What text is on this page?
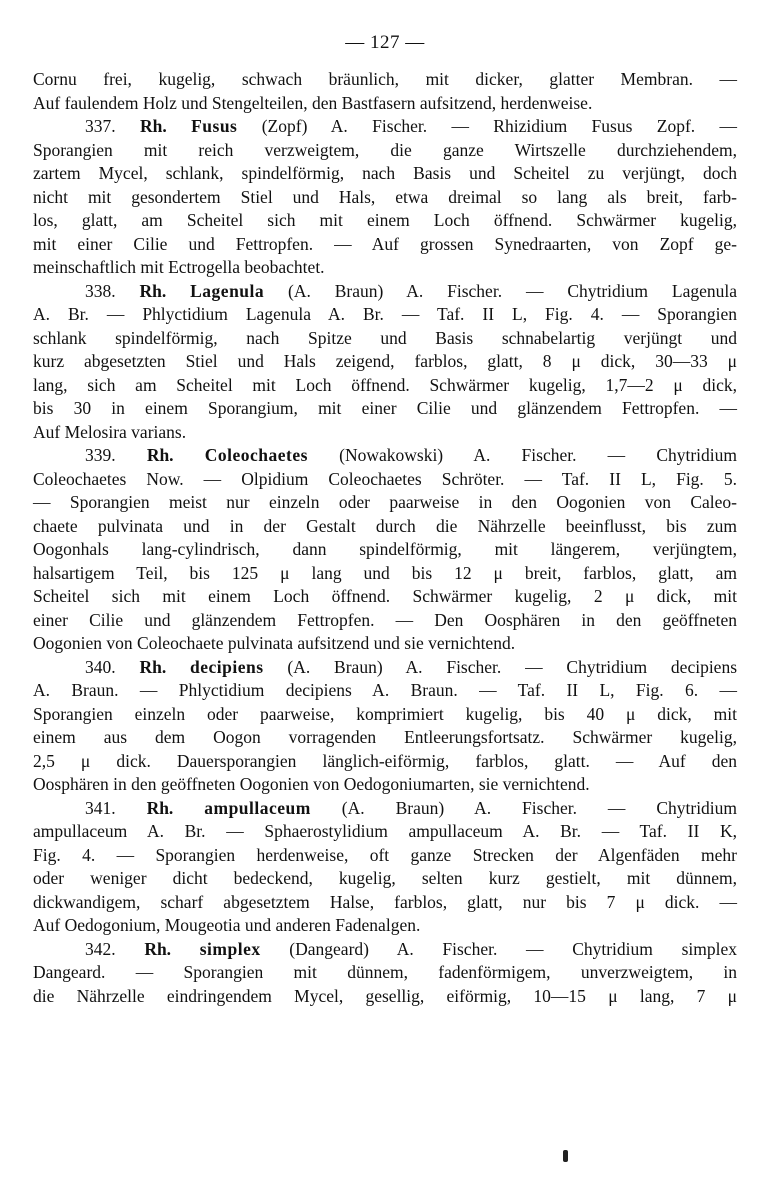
— 127 —
Cornu frei, kugelig, schwach bräunlich, mit dicker, glatter Membran. —
Auf faulendem Holz und Stengelteilen, den Bastfasern aufsitzend, herdenweise.
337. Rh. Fusus (Zopf) A. Fischer. — Rhizidium Fusus Zopf. —
Sporangien mit reich verzweigtem, die ganze Wirtszelle durchziehendem,
zartem Mycel, schlank, spindelförmig, nach Basis und Scheitel zu verjüngt, doch
nicht mit gesondertem Stiel und Hals, etwa dreimal so lang als breit, farb-
los, glatt, am Scheitel sich mit einem Loch öffnend. Schwärmer kugelig,
mit einer Cilie und Fettropfen. — Auf grossen Synedraarten, von Zopf ge-
meinschaftlich mit Ectrogella beobachtet.
338. Rh. Lagenula (A. Braun) A. Fischer. — Chytridium Lagenula
A. Br. — Phlyctidium Lagenula A. Br. — Taf. II L, Fig. 4. — Sporangien
schlank spindelförmig, nach Spitze und Basis schnabelartig verjüngt und
kurz abgesetzten Stiel und Hals zeigend, farblos, glatt, 8 μ dick, 30—33 μ
lang, sich am Scheitel mit Loch öffnend. Schwärmer kugelig, 1,7—2 μ dick,
bis 30 in einem Sporangium, mit einer Cilie und glänzendem Fettropfen. —
Auf Melosira varians.
339. Rh. Coleochaetes (Nowakowski) A. Fischer. — Chytridium
Coleochaetes Now. — Olpidium Coleochaetes Schröter. — Taf. II L, Fig. 5.
— Sporangien meist nur einzeln oder paarweise in den Oogonien von Caleo-
chaete pulvinata und in der Gestalt durch die Nährzelle beeinflusst, bis zum
Oogonhals lang-cylindrisch, dann spindelförmig, mit längerem, verjüngtem,
halsartigem Teil, bis 125 μ lang und bis 12 μ breit, farblos, glatt, am
Scheitel sich mit einem Loch öffnend. Schwärmer kugelig, 2 μ dick, mit
einer Cilie und glänzendem Fettropfen. — Den Oosphären in den geöffneten
Oogonien von Coleochaete pulvinata aufsitzend und sie vernichtend.
340. Rh. decipiens (A. Braun) A. Fischer. — Chytridium decipiens
A. Braun. — Phlyctidium decipiens A. Braun. — Taf. II L, Fig. 6. —
Sporangien einzeln oder paarweise, komprimiert kugelig, bis 40 μ dick, mit
einem aus dem Oogon vorragenden Entleerungsfortsatz. Schwärmer kugelig,
2,5 μ dick. Dauersporangien länglich-eiförmig, farblos, glatt. — Auf den
Oosphären in den geöffneten Oogonien von Oedogoniumarten, sie vernichtend.
341. Rh. ampullaceum (A. Braun) A. Fischer. — Chytridium
ampullaceum A. Br. — Sphaerostylidium ampullaceum A. Br. — Taf. II K,
Fig. 4. — Sporangien herdenweise, oft ganze Strecken der Algenfäden mehr
oder weniger dicht bedeckend, kugelig, selten kurz gestielt, mit dünnem,
dickwandigem, scharf abgesetztem Halse, farblos, glatt, nur bis 7 μ dick. —
Auf Oedogonium, Mougeotia und anderen Fadenalgen.
342. Rh. simplex (Dangeard) A. Fischer. — Chytridium simplex
Dangeard. — Sporangien mit dünnem, fadenförmigem, unverzweigtem, in
die Nährzelle eindringendem Mycel, gesellig, eiförmig, 10—15 μ lang, 7 μ
